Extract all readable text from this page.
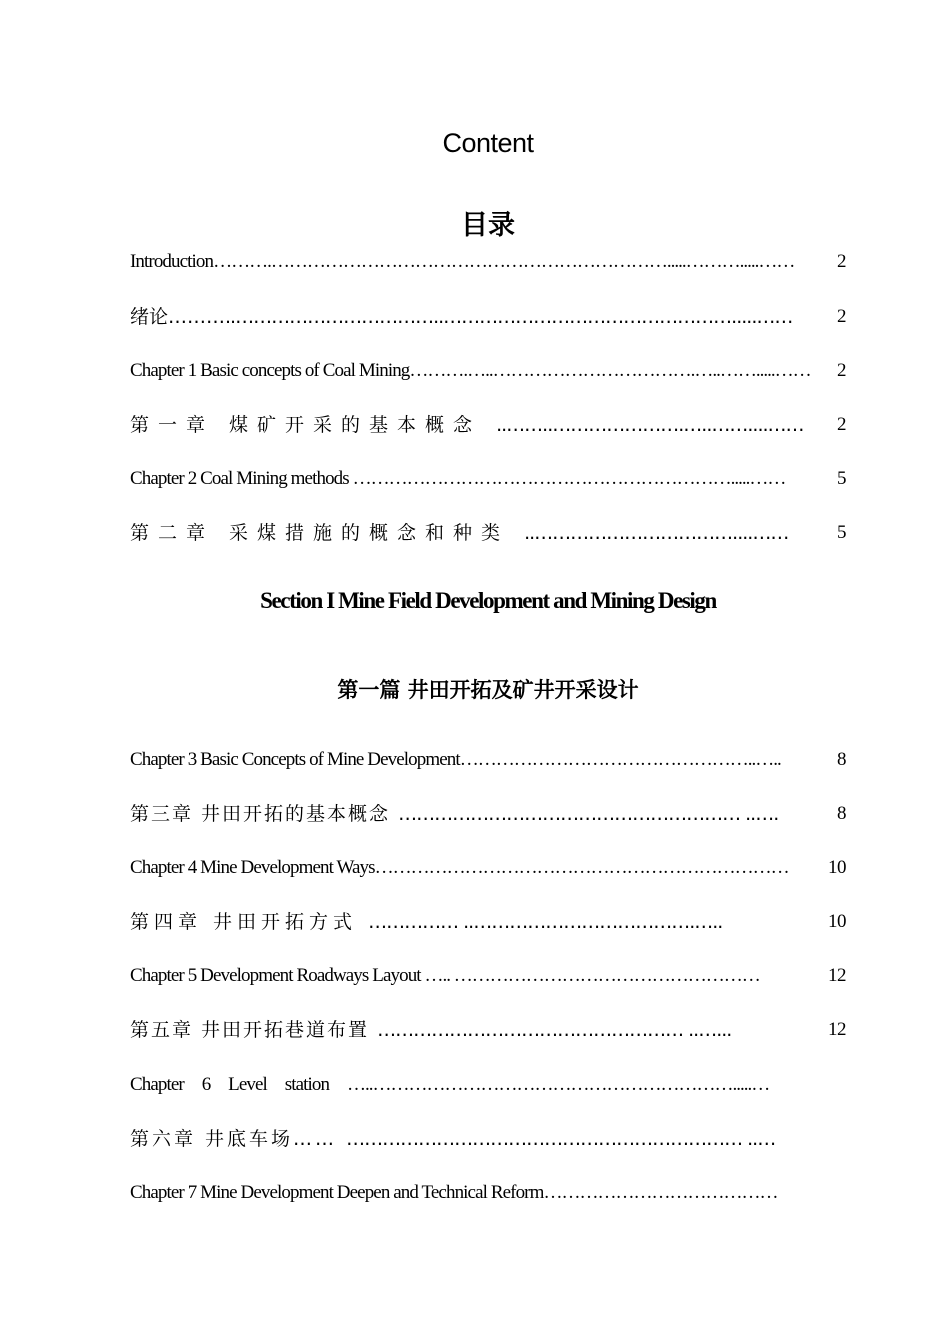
Content
目录
Introduction……….………………………………………………………….....……….....…… 2
绪论………..……………………………..………………………………………….....…… 2
Chapter 1 Basic concepts of Coal Mining……….…..…………………………….…..…….....…… 2
第一章 煤矿开采的基本概念 ..……..………………….…..……....…… 2
Chapter 2 Coal Mining methods ……………………………………………………….....……	5
第二章 采煤措施的概念和种类 ..……………………………....……	5
Section I Mine Field Development and Mining Design
第一篇 井田开拓及矿井开采设计
Chapter 3 Basic Concepts of Mine Development…………………………………………..…..	8
第三章 井田开拓的基本概念 ………………………………………………… ..….	8
Chapter 4 Mine Development Ways…………………………………………………………… 10
第四章 井田开拓方式 …………… ..……………………………….…..	10
Chapter 5 Development Roadways Layout ….. ……………………………………………	12
第五章 井田开拓巷道布置 …………………………………………… ..…...	12
Chapter 6 Level station …..…………………………………………………….....…
第六章 井底车场…… ………………………………………………………… ..…
Chapter 7 Mine Development Deepen and Technical Reform…………………………………
